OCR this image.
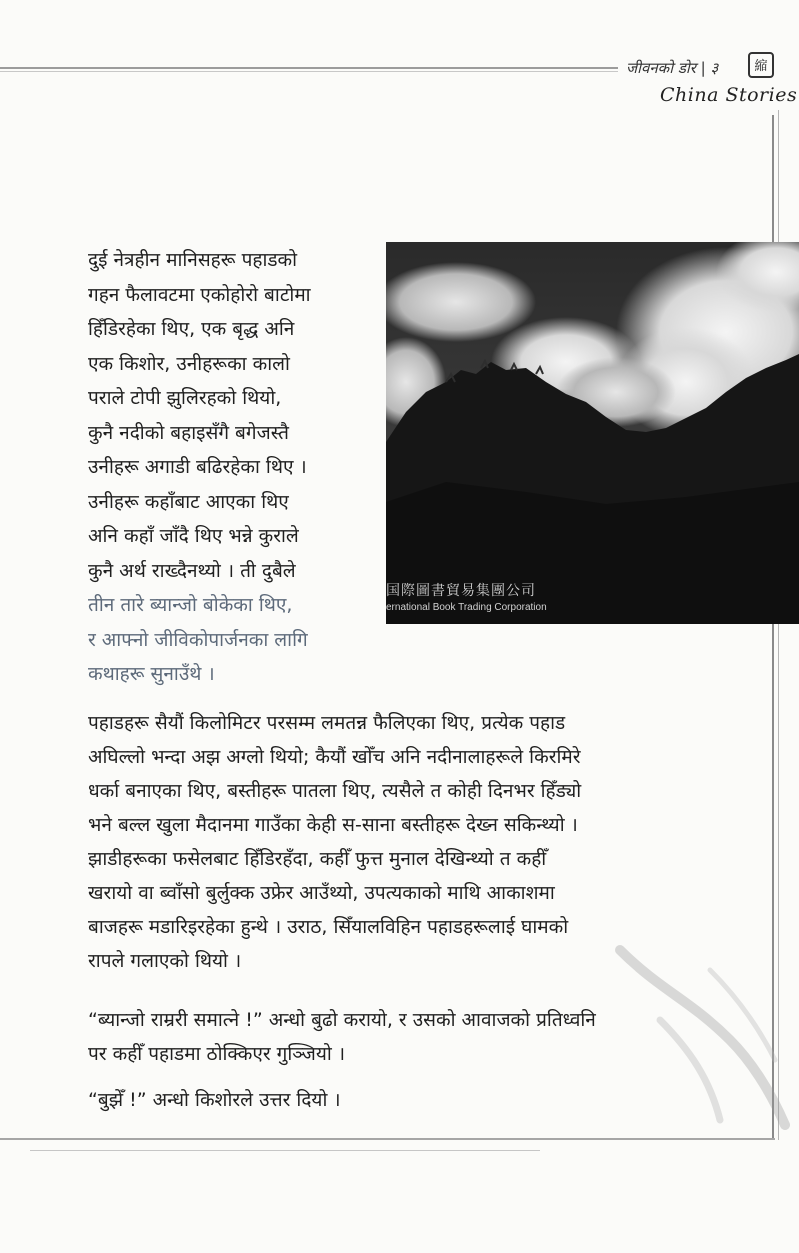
जीवनको डोर | ३	縮
China Stories
国際圖書貿易集團公司
ernational Book Trading Corporation
दुई नेत्रहीन मानिसहरू पहाडको
गहन फैलावटमा एकोहोरो बाटोमा
हिँडिरहेका थिए, एक बृद्ध अनि
एक किशोर, उनीहरूका कालो
पराले टोपी झुलिरहको थियो,
कुनै नदीको बहाइसँगै बगेजस्तै
उनीहरू अगाडी बढिरहेका थिए ।
उनीहरू कहाँबाट आएका थिए
अनि कहाँ जाँदै थिए भन्ने कुराले
कुनै अर्थ राख्दैनथ्यो । ती दुबैले
तीन तारे ब्यान्जो बोकेका थिए,
र आफ्नो जीविकोपार्जनका लागि
कथाहरू सुनाउँथे ।
पहाडहरू सैयौं किलोमिटर परसम्म लमतन्न फैलिएका थिए, प्रत्येक पहाड
अघिल्लो भन्दा अझ अग्लो थियो; कैयौं खोँच अनि नदीनालाहरूले किरमिरे
धर्का बनाएका थिए, बस्तीहरू पातला थिए, त्यसैले त कोही दिनभर हिँड्यो
भने बल्ल खुला मैदानमा गाउँका केही स-साना बस्तीहरू देख्न सकिन्थ्यो ।
झाडीहरूका फसेलबाट हिँडिरहँदा, कहीँ फुत्त मुनाल देखिन्थ्यो त कहीँ
खरायो वा ब्वाँसो बुर्लुक्क उफ्रेर आउँथ्यो, उपत्यकाको माथि आकाशमा
बाजहरू मडारिइरहेका हुन्थे । उराठ, सिँयालविहिन पहाडहरूलाई घामको
रापले गलाएको थियो ।
“ब्यान्जो राम्ररी समात्ने !” अन्धो बुढो करायो, र उसको आवाजको प्रतिध्वनि
पर कहीँ पहाडमा ठोक्किएर गुञ्जियो ।
“बुझेँ !” अन्धो किशोरले उत्तर दियो ।
